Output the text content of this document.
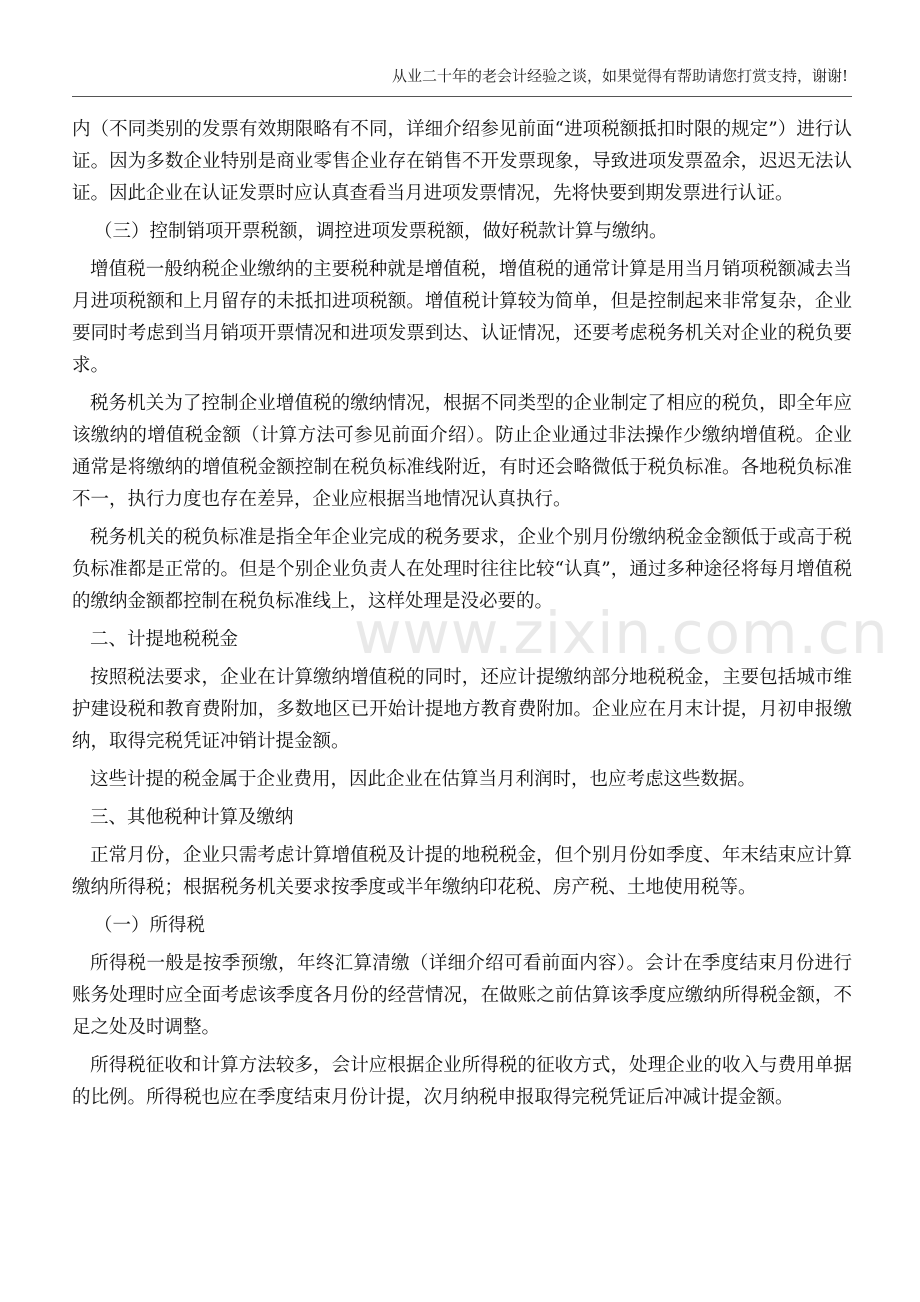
从业二十年的老会计经验之谈，如果觉得有帮助请您打赏支持，谢谢!
www.zixin.com.cn

内（不同类别的发票有效期限略有不同，详细介绍参见前面“进项税额抵扣时限的规定”）进行认证。因为多数企业特别是商业零售企业存在销售不开发票现象，导致进项发票盈余，迟迟无法认证。因此企业在认证发票时应认真查看当月进项发票情况，先将快要到期发票进行认证。

（三）控制销项开票税额，调控进项发票税额，做好税款计算与缴纳。

增值税一般纳税企业缴纳的主要税种就是增值税，增值税的通常计算是用当月销项税额减去当月进项税额和上月留存的未抵扣进项税额。增值税计算较为简单，但是控制起来非常复杂，企业要同时考虑到当月销项开票情况和进项发票到达、认证情况，还要考虑税务机关对企业的税负要求。

税务机关为了控制企业增值税的缴纳情况，根据不同类型的企业制定了相应的税负，即全年应该缴纳的增值税金额（计算方法可参见前面介绍）。防止企业通过非法操作少缴纳增值税。企业通常是将缴纳的增值税金额控制在税负标准线附近，有时还会略微低于税负标准。各地税负标准不一，执行力度也存在差异，企业应根据当地情况认真执行。

税务机关的税负标准是指全年企业完成的税务要求，企业个别月份缴纳税金金额低于或高于税负标准都是正常的。但是个别企业负责人在处理时往往比较“认真”，通过多种途径将每月增值税的缴纳金额都控制在税负标准线上，这样处理是没必要的。

二、计提地税税金

按照税法要求，企业在计算缴纳增值税的同时，还应计提缴纳部分地税税金，主要包括城市维护建设税和教育费附加，多数地区已开始计提地方教育费附加。企业应在月末计提，月初申报缴纳，取得完税凭证冲销计提金额。

这些计提的税金属于企业费用，因此企业在估算当月利润时，也应考虑这些数据。

三、其他税种计算及缴纳

正常月份，企业只需考虑计算增值税及计提的地税税金，但个别月份如季度、年末结束应计算缴纳所得税；根据税务机关要求按季度或半年缴纳印花税、房产税、土地使用税等。

（一）所得税

所得税一般是按季预缴，年终汇算清缴（详细介绍可看前面内容）。会计在季度结束月份进行账务处理时应全面考虑该季度各月份的经营情况，在做账之前估算该季度应缴纳所得税金额，不足之处及时调整。

所得税征收和计算方法较多，会计应根据企业所得税的征收方式，处理企业的收入与费用单据的比例。所得税也应在季度结束月份计提，次月纳税申报取得完税凭证后冲减计提金额。
